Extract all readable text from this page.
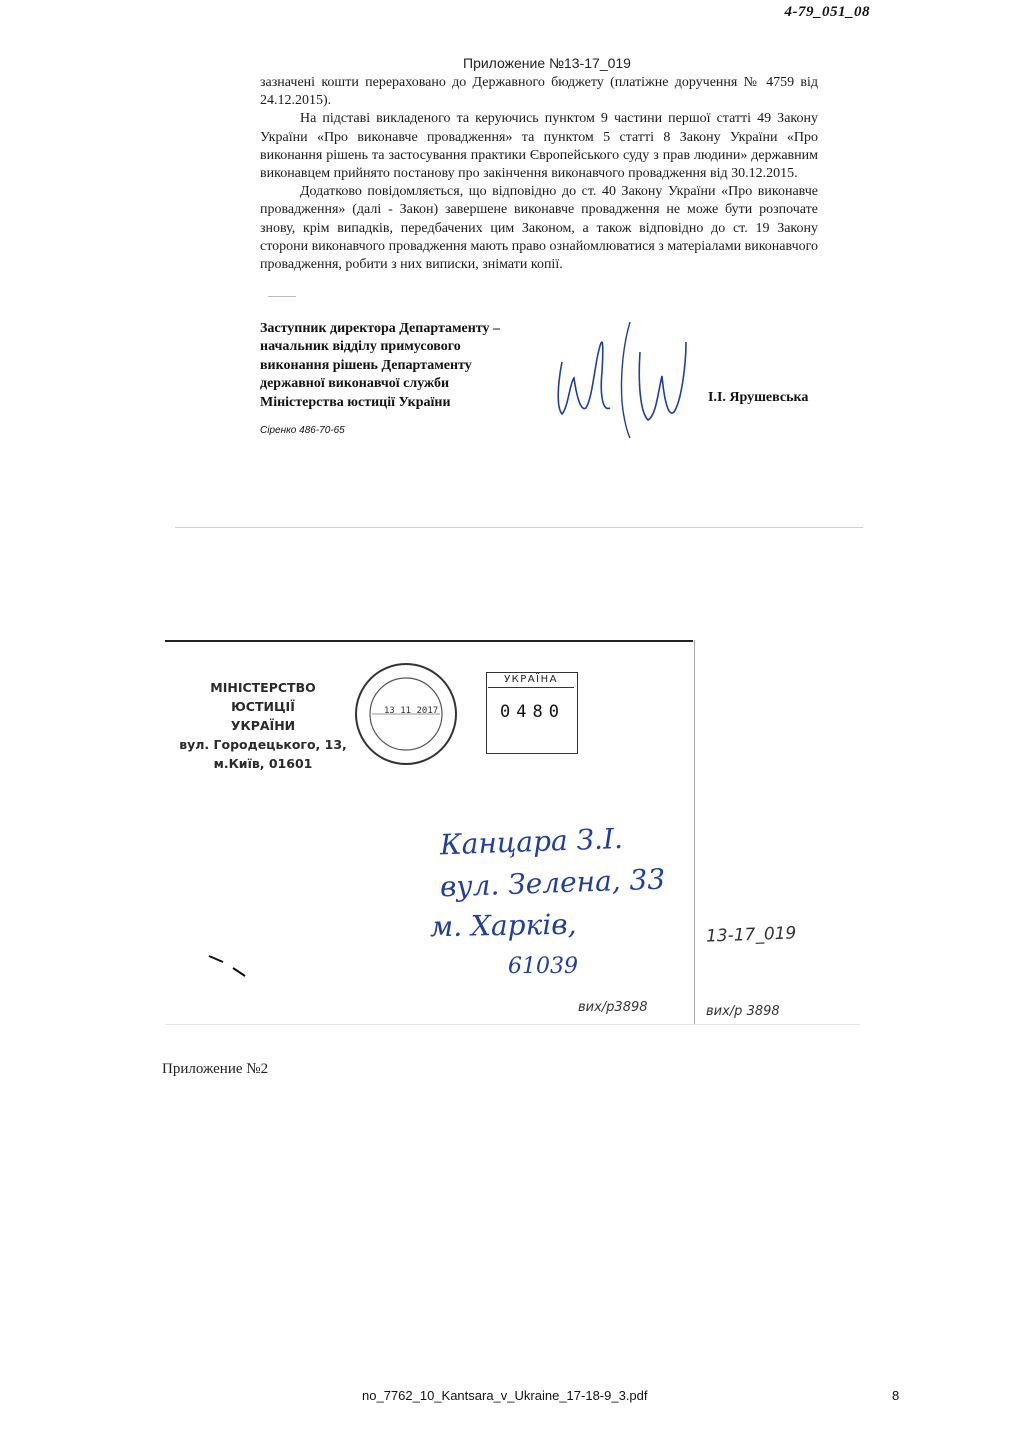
4-79_051_08
Приложение №13-17_019

зазначені кошти перераховано до Державного бюджету (платіжне доручення № 4759 від 24.12.2015).

На підставі викладеного та керуючись пунктом 9 частини першої статті 49 Закону України «Про виконавче провадження» та пунктом 5 статті 8 Закону України «Про виконання рішень та застосування практики Європейського суду з прав людини» державним виконавцем прийнято постанову про закінчення виконавчого провадження від 30.12.2015.

Додатково повідомляється, що відповідно до ст. 40 Закону України «Про виконавче провадження» (далі - Закон) завершене виконавче провадження не може бути розпочате знову, крім випадків, передбачених цим Законом, а також відповідно до ст. 19 Закону сторони виконавчого провадження мають право ознайомлюватися з матеріалами виконавчого провадження, робити з них виписки, знімати копії.

Заступник директора Департаменту –
начальник відділу примусового
виконання рішень Департаменту
державної виконавчої служби
Міністерства юстиції України	І.І. Ярушевська
Сіренко 486-70-65
МІНІСТЕРСТВО ЮСТИЦІЇ
УКРАЇНИ
вул. Городецького, 13,
м.Київ, 01601
13 11 2017
УКРАЇНА
0480
Канцара З.І.
вул. Зелена, 33
м. Харків,
61039
13-17_019
вих/р3898	вих/р 3898
Приложение №2
no_7762_10_Kantsara_v_Ukraine_17-18-9_3.pdf	8
